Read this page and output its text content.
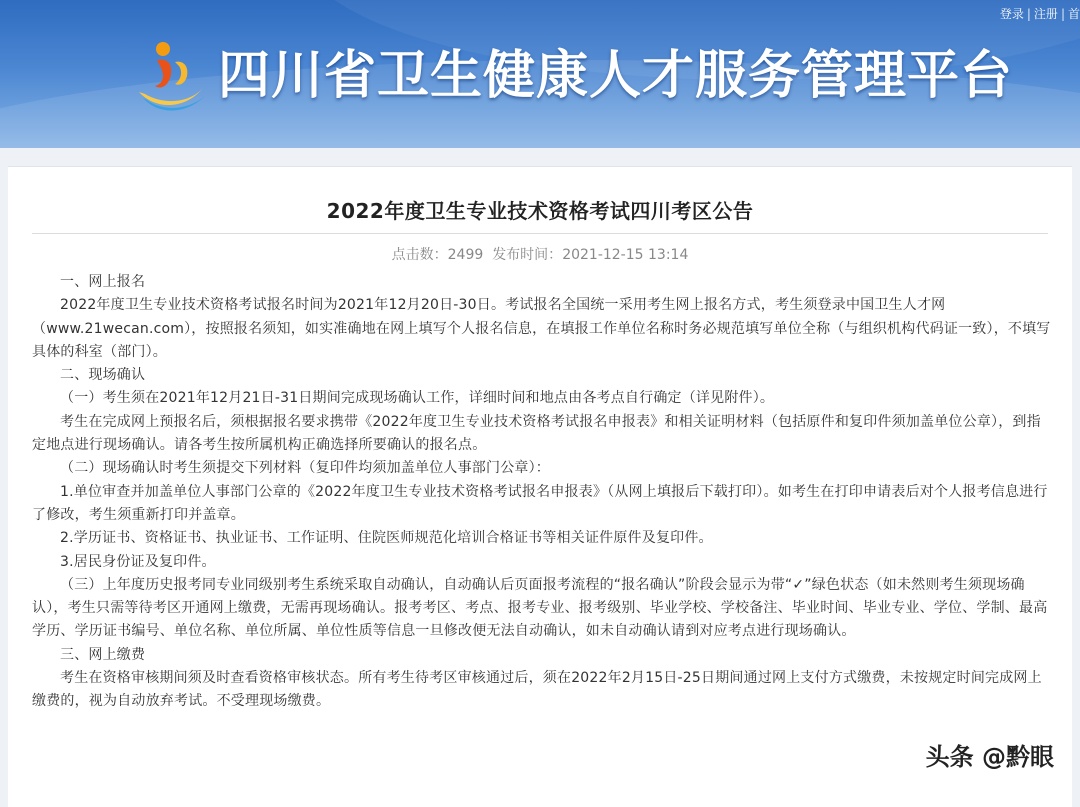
登录 | 注册 | 首
四川省卫生健康人才服务管理平台
2022年度卫生专业技术资格考试四川考区公告
点击数：2499 发布时间：2021-12-15 13:14

一、网上报名

2022年度卫生专业技术资格考试报名时间为2021年12月20日-30日。考试报名全国统一采用考生网上报名方式，考生须登录中国卫生人才网（www.21wecan.com），按照报名须知，如实准确地在网上填写个人报名信息，在填报工作单位名称时务必规范填写单位全称（与组织机构代码证一致），不填写具体的科室（部门）。

二、现场确认

（一）考生须在2021年12月21日-31日期间完成现场确认工作，详细时间和地点由各考点自行确定（详见附件）。

考生在完成网上预报名后，须根据报名要求携带《2022年度卫生专业技术资格考试报名申报表》和相关证明材料（包括原件和复印件须加盖单位公章），到指定地点进行现场确认。请各考生按所属机构正确选择所要确认的报名点。

（二）现场确认时考生须提交下列材料（复印件均须加盖单位人事部门公章）：

1.单位审查并加盖单位人事部门公章的《2022年度卫生专业技术资格考试报名申报表》（从网上填报后下载打印）。如考生在打印申请表后对个人报考信息进行了修改，考生须重新打印并盖章。

2.学历证书、资格证书、执业证书、工作证明、住院医师规范化培训合格证书等相关证件原件及复印件。

3.居民身份证及复印件。

（三）上年度历史报考同专业同级别考生系统采取自动确认，自动确认后页面报考流程的“报名确认”阶段会显示为带“✓”绿色状态（如未然则考生须现场确认），考生只需等待考区开通网上缴费，无需再现场确认。报考考区、考点、报考专业、报考级别、毕业学校、学校备注、毕业时间、毕业专业、学位、学制、最高学历、学历证书编号、单位名称、单位所属、单位性质等信息一旦修改便无法自动确认，如未自动确认请到对应考点进行现场确认。

三、网上缴费

考生在资格审核期间须及时查看资格审核状态。所有考生待考区审核通过后，须在2022年2月15日-25日期间通过网上支付方式缴费，未按规定时间完成网上缴费的，视为自动放弃考试。不受理现场缴费。

头条 @黔眼
